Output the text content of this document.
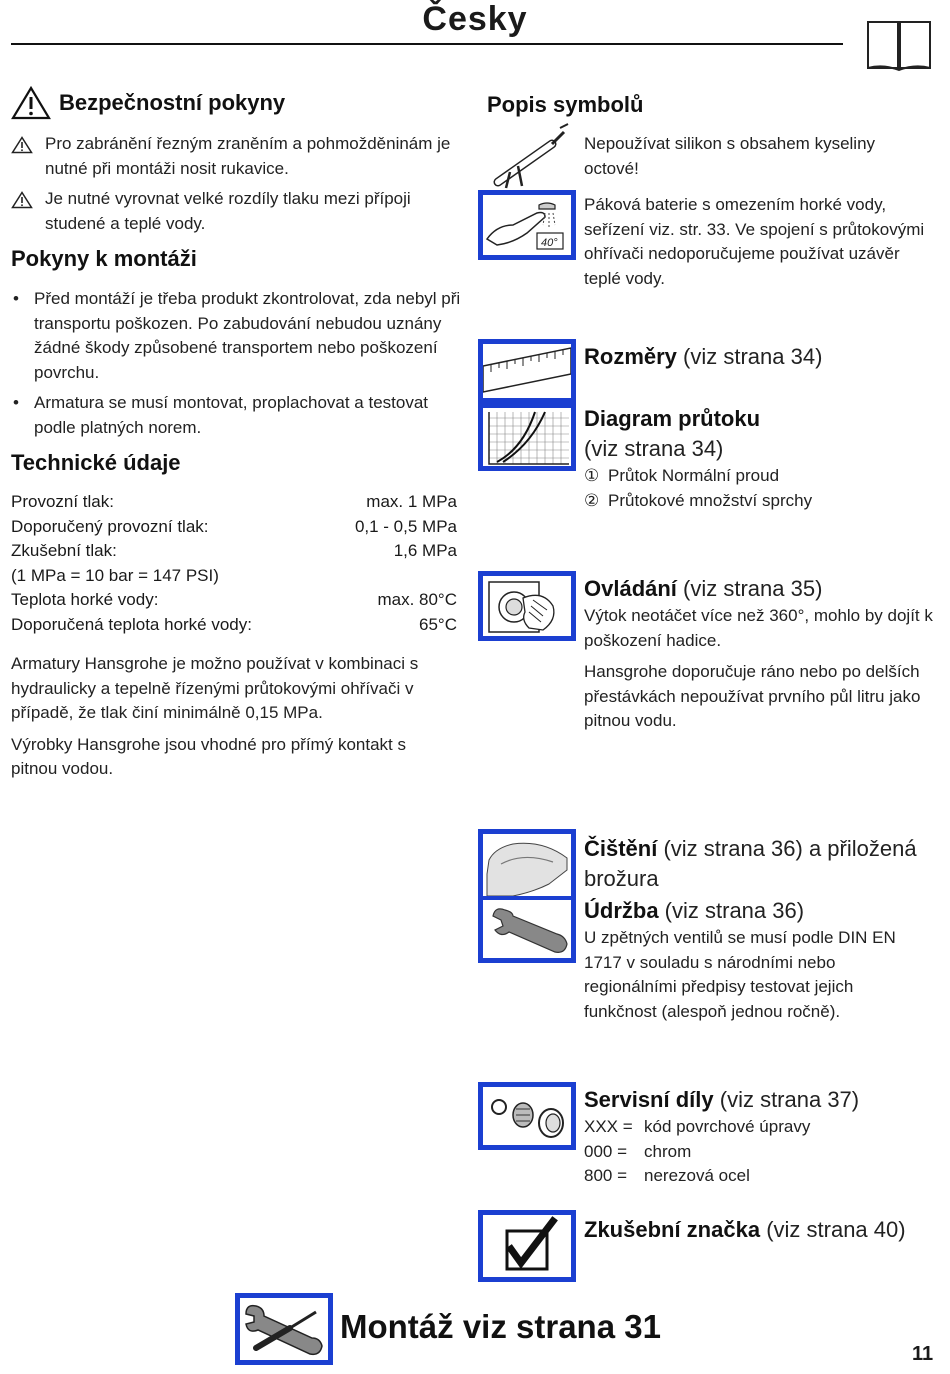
Česky
Bezpečnostní pokyny
Pro zabránění řezným zraněním a pohmožděninám je nutné při montáži nosit rukavice.
Je nutné vyrovnat velké rozdíly tlaku mezi přípoji studené a teplé vody.
Pokyny k montáži
• Před montáží je třeba produkt zkontrolovat, zda nebyl při transportu poškozen. Po zabudování nebudou uznány žádné škody způsobené transportem nebo poškození povrchu.
• Armatura se musí montovat, proplachovat a testovat podle platných norem.
Technické údaje
Provozní tlak:	max. 1 MPa
Doporučený provozní tlak:	0,1 - 0,5 MPa
Zkušební tlak:	1,6 MPa
(1 MPa = 10 bar = 147 PSI)
Teplota horké vody:	max. 80°C
Doporučená teplota horké vody:	65°C
Armatury Hansgrohe je možno používat v kombinaci s hydraulicky a tepelně řízenými průtokovými ohřívači v případě, že tlak činí minimálně 0,15 MPa.
Výrobky Hansgrohe jsou vhodné pro přímý kontakt s pitnou vodou.
Popis symbolů
Nepoužívat silikon s obsahem kyseliny octové!
40°
Páková baterie s omezením horké vody, seřízení viz. str. 33. Ve spojení s průtokovými ohřívači nedoporučujeme používat uzávěr teplé vody.
Rozměry (viz strana 34)
Diagram průtoku
(viz strana 34)
① Průtok Normální proud
② Průtokové množství sprchy
Ovládání (viz strana 35)
Výtok neotáčet více než 360°, mohlo by dojít k poškození hadice.
Hansgrohe doporučuje ráno nebo po delších přestávkách nepoužívat prvního půl litru jako pitnou vodu.
Čištění (viz strana 36) a přiložená brožura
Údržba (viz strana 36)
U zpětných ventilů se musí podle DIN EN 1717 v souladu s národními nebo regionálními předpisy testovat jejich funkčnost (alespoň jednou ročně).
Servisní díly (viz strana 37)
XXX = kód povrchové úpravy
000 = chrom
800 = nerezová ocel
Zkušební značka (viz strana 40)
Montáž viz strana 31
11
